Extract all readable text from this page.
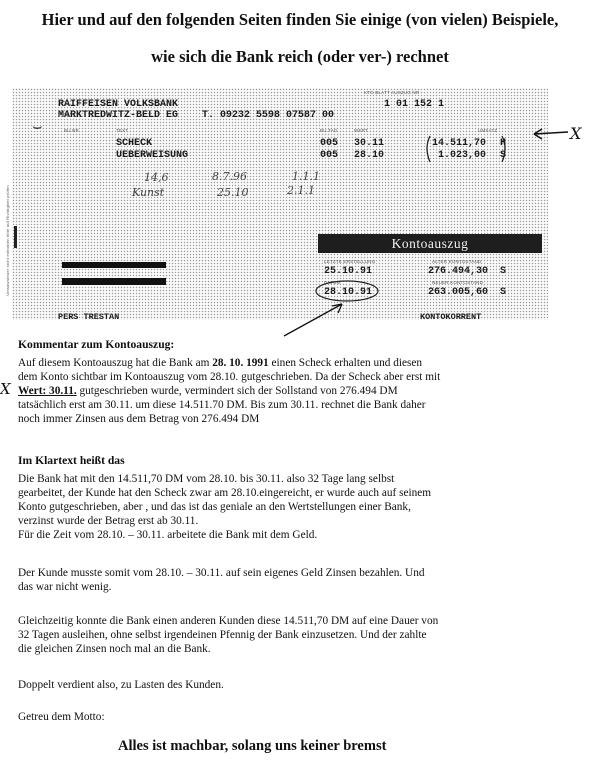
Hier und auf den folgenden Seiten finden Sie einige (von vielen) Beispiele,
wie sich die Bank reich (oder ver-) rechnet
KTO BLATT AUSZUG NR
RAIFFEISEN VOLKSBANK	1 01 152 1
MARKTREDWITZ-BELD EG    T. 09232 5598 07587 00
⌣	BU.NR	TEXT	BU.TAG	WERT	UMSATZ
SCHECK	005 30.11	14.511,70 H
UEBERWEISUNG	005 28.10	1.023,00 S
14,6	8.7.96	1.1.1
Kunst	25.10	2.1.1
Umsatzsteuer nicht enthalten bitte auf Richtigkeit prüfen	Kontoauszug
LETZTE ERSTELLUNG	ALTER KONTOSTAND
25.10.91	276.494,30 S
DATUM	NEUER KONTOSTAND
28.10.91	263.005,60 S
PERS TRESTAN	KONTOKORRENT
X
Kommentar zum Kontoauszug:
Auf diesem Kontoauszug hat die Bank am 28. 10. 1991 einen Scheck erhalten und diesen
dem Konto sichtbar im Kontoauszug vom 28.10. gutgeschrieben. Da der Scheck aber erst mit
X Wert: 30.11. gutgeschrieben wurde, vermindert sich der Sollstand von 276.494 DM
tatsächlich erst am 30.11. um diese 14.511.70 DM. Bis zum 30.11. rechnet die Bank daher
noch immer Zinsen aus dem Betrag von 276.494 DM
Im Klartext heißt das
Die Bank hat mit den 14.511,70 DM vom 28.10. bis 30.11. also 32 Tage lang selbst
gearbeitet, der Kunde hat den Scheck zwar am 28.10.eingereicht, er wurde auch auf seinem
Konto gutgeschrieben, aber , und das ist das geniale an den Wertstellungen einer Bank,
verzinst wurde der Betrag erst ab 30.11.
Für die Zeit vom 28.10. – 30.11. arbeitete die Bank mit dem Geld.
Der Kunde musste somit vom 28.10. – 30.11. auf sein eigenes Geld Zinsen bezahlen. Und
das war nicht wenig.
Gleichzeitig konnte die Bank einen anderen Kunden diese 14.511,70 DM auf eine Dauer von
32 Tagen ausleihen, ohne selbst irgendeinen Pfennig der Bank einzusetzen. Und der zahlte
die gleichen Zinsen noch mal an die Bank.
Doppelt verdient also, zu Lasten des Kunden.
Getreu dem Motto:
Alles ist machbar, solang uns keiner bremst
